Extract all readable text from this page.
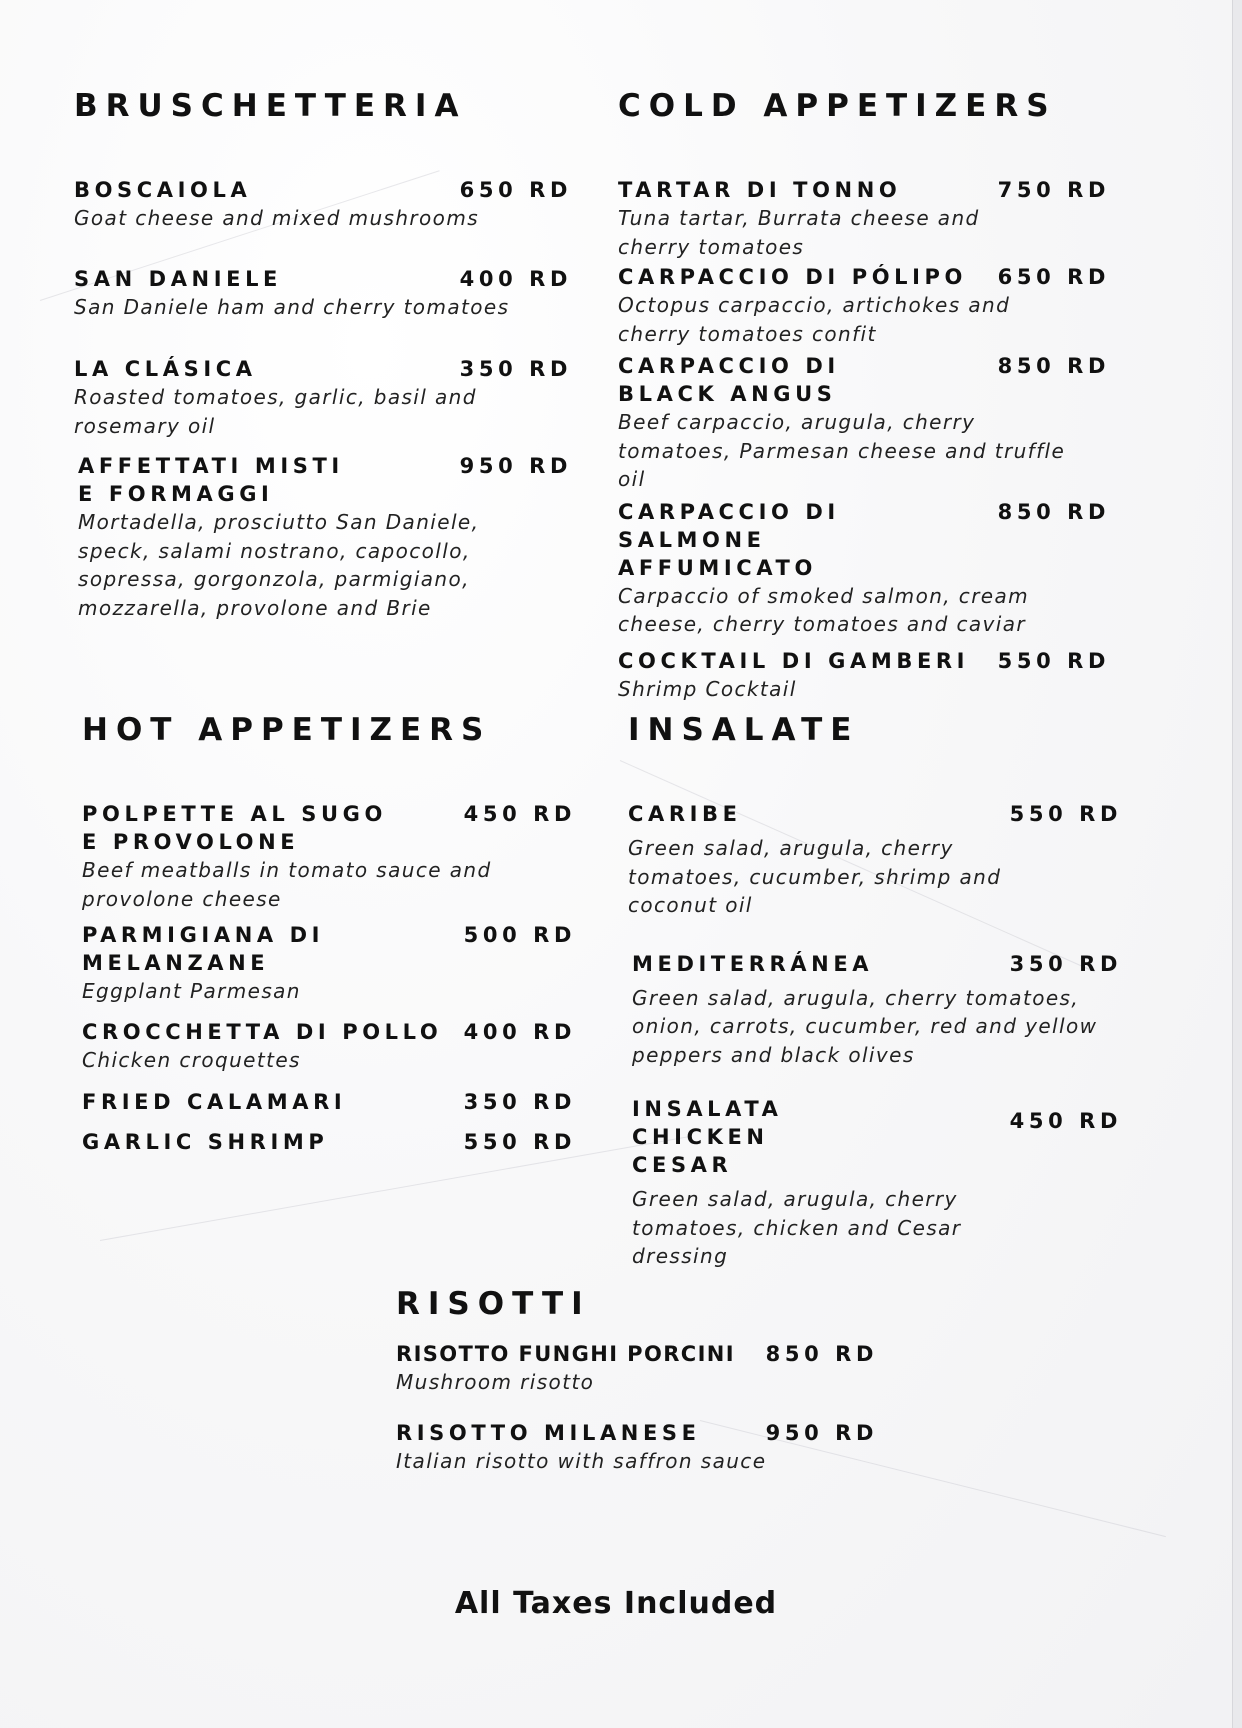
BRUSCHETTERIA
BOSCAIOLA	650 RD
Goat cheese and mixed mushrooms
SAN DANIELE	400 RD
San Daniele ham and cherry tomatoes
LA CLÁSICA	350 RD
Roasted tomatoes, garlic, basil and rosemary oil
AFFETTATI MISTI E FORMAGGI
950 RD
Mortadella, prosciutto San Daniele, speck, salami nostrano, capocollo, sopressa, gorgonzola, parmigiano, mozzarella, provolone and Brie
COLD APPETIZERS
TARTAR DI TONNO	750 RD
Tuna tartar, Burrata cheese and cherry tomatoes
CARPACCIO DI PÓLIPO 650 RD
Octopus carpaccio, artichokes and cherry tomatoes confit
CARPACCIO DI BLACK ANGUS
850 RD
Beef carpaccio, arugula, cherry tomatoes, Parmesan cheese and truffle oil
CARPACCIO DI SALMONE AFFUMICATO
850 RD
Carpaccio of smoked salmon, cream cheese, cherry tomatoes and caviar
COCKTAIL DI GAMBERI 550 RD
Shrimp Cocktail
HOT APPETIZERS
POLPETTE AL SUGO E PROVOLONE
450 RD
Beef meatballs in tomato sauce and provolone cheese
PARMIGIANA DI MELANZANE
500 RD
Eggplant Parmesan
CROCCHETTA DI POLLO 400 RD
Chicken croquettes
FRIED CALAMARI	350 RD
GARLIC SHRIMP	550 RD
INSALATE
CARIBE	550 RD
Green salad, arugula, cherry tomatoes, cucumber, shrimp and coconut oil
MEDITERRÁNEA	350 RD
Green salad, arugula, cherry tomatoes, onion, carrots, cucumber, red and yellow peppers and black olives
INSALATA CHICKEN CESAR
450 RD
Green salad, arugula, cherry tomatoes, chicken and Cesar dressing
RISOTTI
RISOTTO FUNGHI PORCINI 850 RD
Mushroom risotto
RISOTTO MILANESE	950 RD
Italian risotto with saffron sauce
All Taxes Included
